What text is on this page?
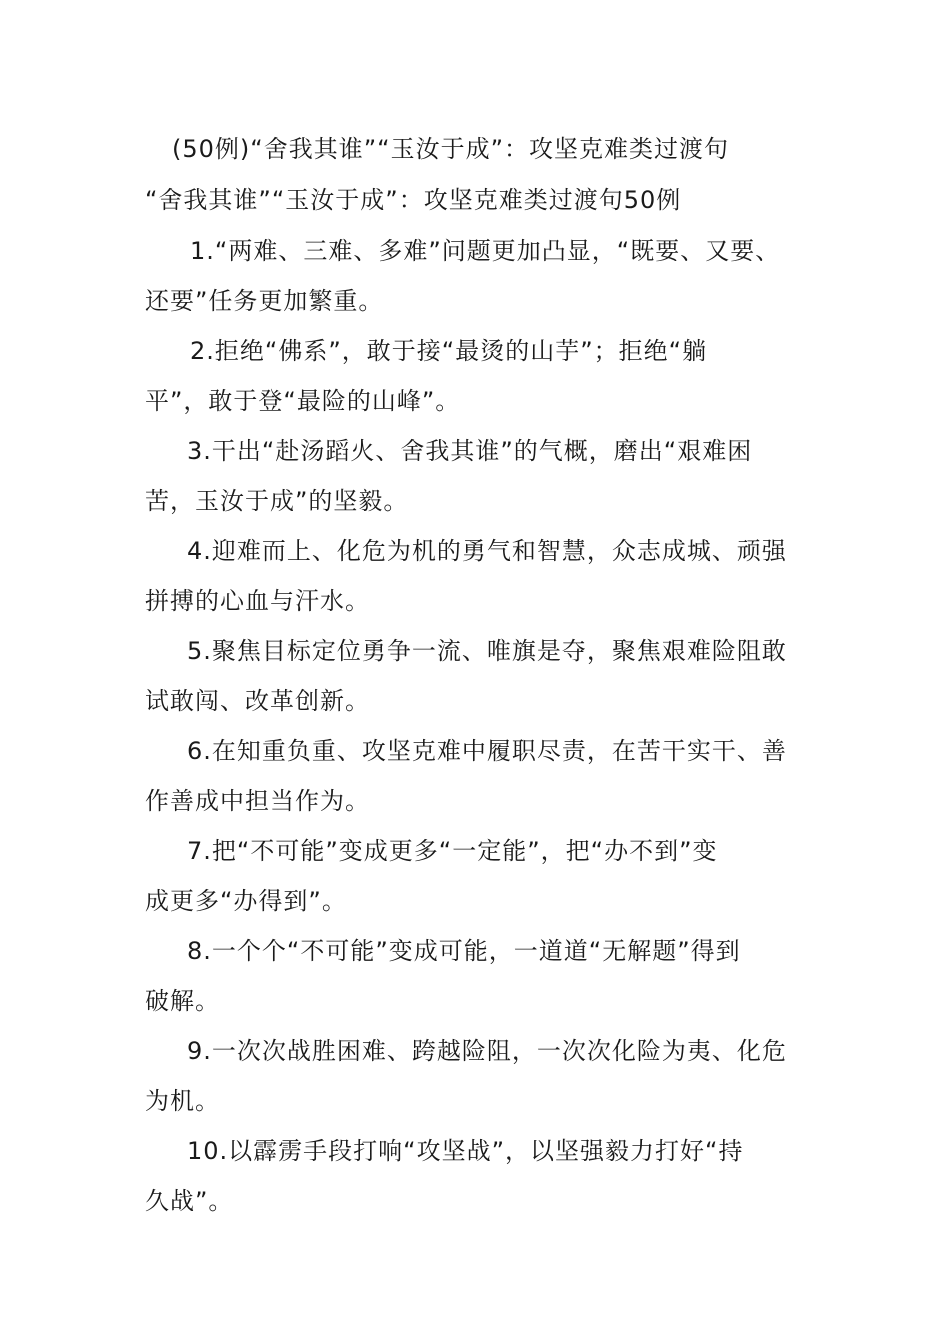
(50例)“舍我其谁”“玉汝于成”：攻坚克难类过渡句
“舍我其谁”“玉汝于成”：攻坚克难类过渡句50例
1.“两难、三难、多难”问题更加凸显，“既要、又要、
还要”任务更加繁重。
2.拒绝“佛系”，敢于接“最烫的山芋”；拒绝“躺
平”，敢于登“最险的山峰”。
3.干出“赴汤蹈火、舍我其谁”的气概，磨出“艰难困
苦，玉汝于成”的坚毅。
4.迎难而上、化危为机的勇气和智慧，众志成城、顽强
拼搏的心血与汗水。
5.聚焦目标定位勇争一流、唯旗是夺，聚焦艰难险阻敢
试敢闯、改革创新。
6.在知重负重、攻坚克难中履职尽责，在苦干实干、善
作善成中担当作为。
7.把“不可能”变成更多“一定能”，把“办不到”变
成更多“办得到”。
8.一个个“不可能”变成可能，一道道“无解题”得到
破解。
9.一次次战胜困难、跨越险阻，一次次化险为夷、化危
为机。
10.以霹雳手段打响“攻坚战”，以坚强毅力打好“持
久战”。
